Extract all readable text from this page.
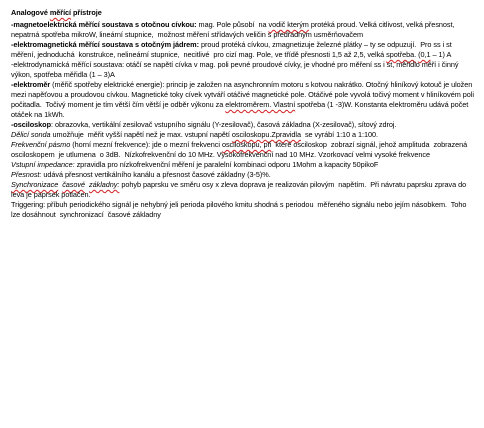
Analogové měřící přístroje

-magnetoelektrická měřící soustava s otočnou cívkou: mag. Pole působí  na vodič kterým protéká proud. Velká citlivost, velká přesnost, nepatrná spotřeba mikroW, lineární stupnice,  možnost měření střídavých veličin s předřadným usměrňovačem

-elektromagnetická měřící soustava s otočným jádrem: proud protéká cívkou, zmagnetizuje železné plátky – ty se odpuzují.  Pro ss i st měření, jednoduchá  konstrukce, nelineární stupnice,  necitlivé  pro cizí mag. Pole, ve třídě přesnosti 1,5 až 2,5, velká spotřeba. (0,1 – 1) A

-elektrodynamická měřící soustava: otáčí se napětí cívka v mag. poli pevné proudové cívky, je vhodné pro měření ss i st, měřidlo měří i činný výkon, spotřeba měřidla (1 – 3)A

-elektroměr (měřič spotřeby elektrické energie): princip je založen na asynchronním motoru s kotvou nakrátko. Otočný hliníkový kotouč je uložen mezi napěťovou a proudovou cívkou. Magnetické toky cívek vytváří otáčivé magnetické pole. Otáčivé pole vyvolá točivý moment v hliníkovém poli počitadla.  Točivý moment je tím větší čím větší je odběr výkonu za elektroměrem. Vlastní spotřeba (1 -3)W. Konstanta elektroměru udává počet otáček na 1kWh.

-osciloskop: obrazovka, vertikální zesilovač vstupního signálu (Y-zesilovač), časová základna (X-zesilovač), sítový zdroj.

Dělicí sonda umožňuje  měřit vyšší napětí než je max. vstupní napětí osciloskopu.Zpravidla  se vyrábí 1:10 a 1:100.

Frekvenční pásmo (horní mezní frekvence): jde o mezní frekvenci osciloskopu, při  které osciloskop  zobrazí signál, jehož amplituda  zobrazená osciloskopem  je utlumena  o 3dB.  Nízkofrekvenční do 10 MHz. Vysokofrekvenční nad 10 MHz. Vzorkovací velmi vysoké frekvence

Vstupní impedance: zpravidla pro nízkofrekvenční měření je paralelní kombinaci odporu 1Mohm a kapacity 50pikoF

Přesnost: udává přesnost vertikálního kanálu a přesnost časové základny (3-5)%.

Synchronizace časové základny: pohyb paprsku ve směru osy x zleva doprava je realizován pilovým  napětím.  Při návratu paprsku zprava do leva je paprsek potlačen.

Triggering: příbuh periodického signál je nehybný jeli perioda pilového kmitu shodná s periodou  měřeného signálu nebo jejím násobkem.  Toho lze dosáhnout  synchronizací  časové základny
